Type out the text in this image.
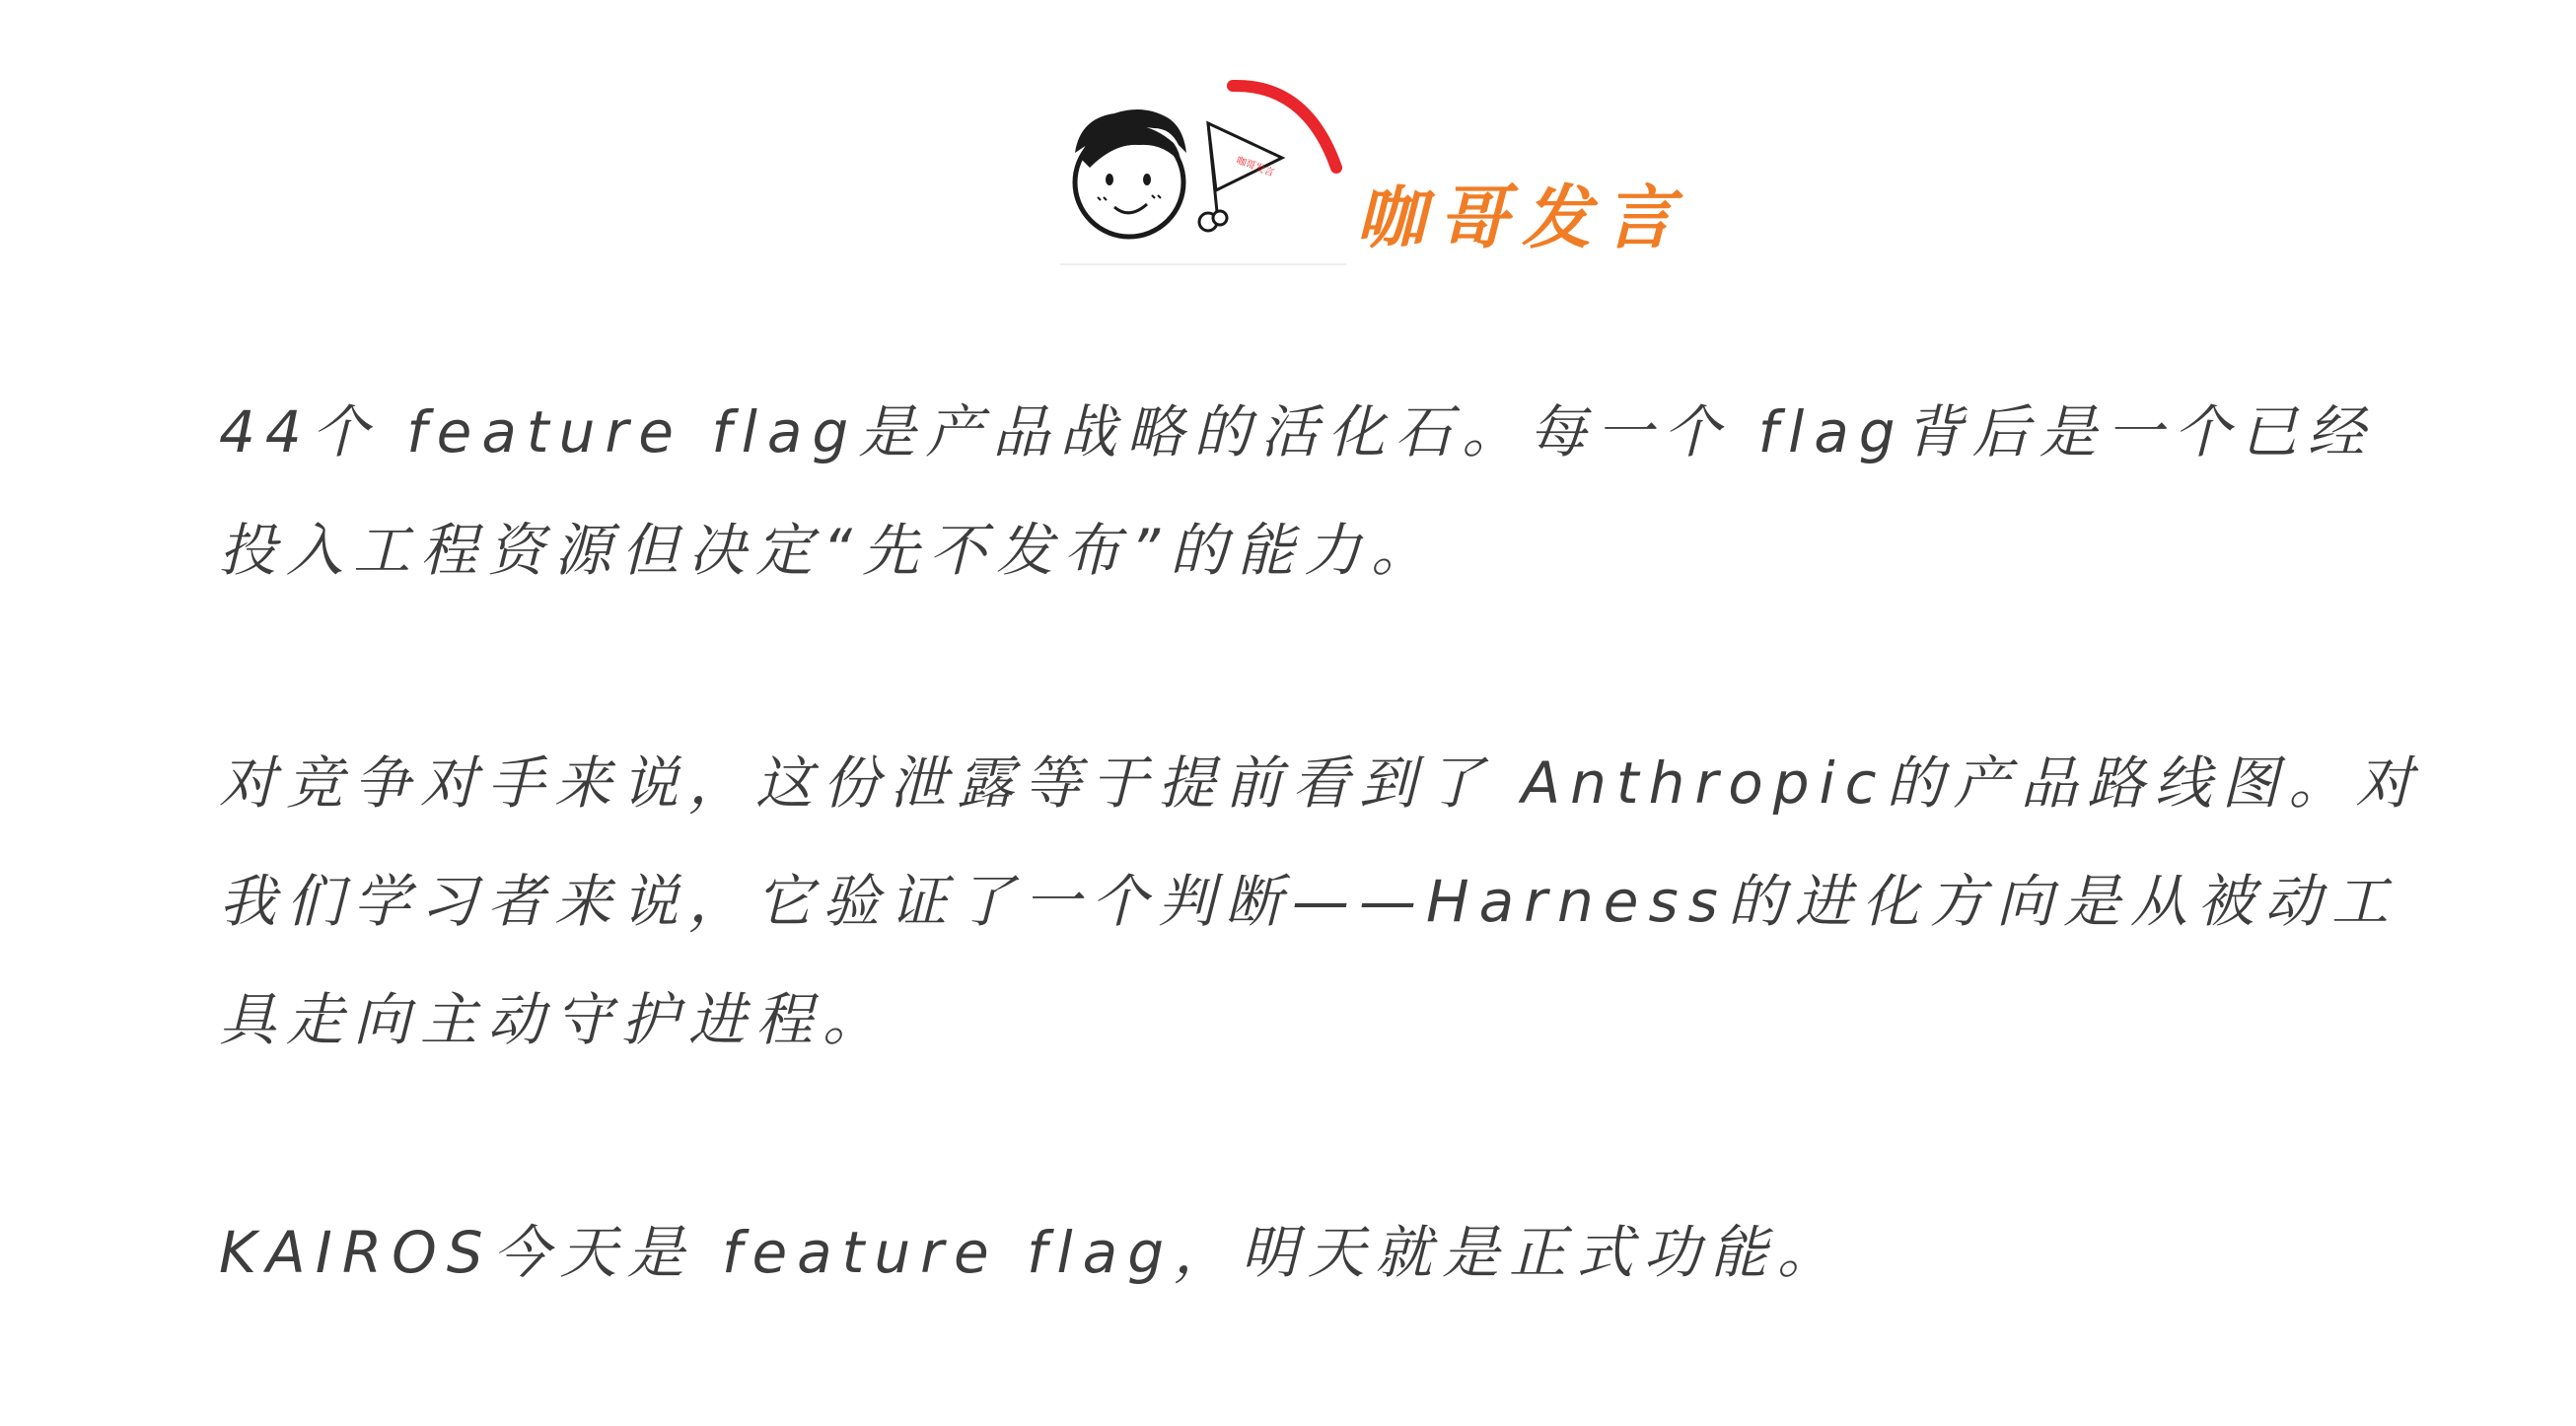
咖哥发言
咖哥发言

44个 feature flag是产品战略的活化石。每一个 flag背后是一个已经投入工程资源但决定“先不发布”的能力。

对竞争对手来说，这份泄露等于提前看到了 Anthropic的产品路线图。对我们学习者来说，它验证了一个判断——Harness的进化方向是从被动工具走向主动守护进程。

KAIROS今天是 feature flag，明天就是正式功能。
